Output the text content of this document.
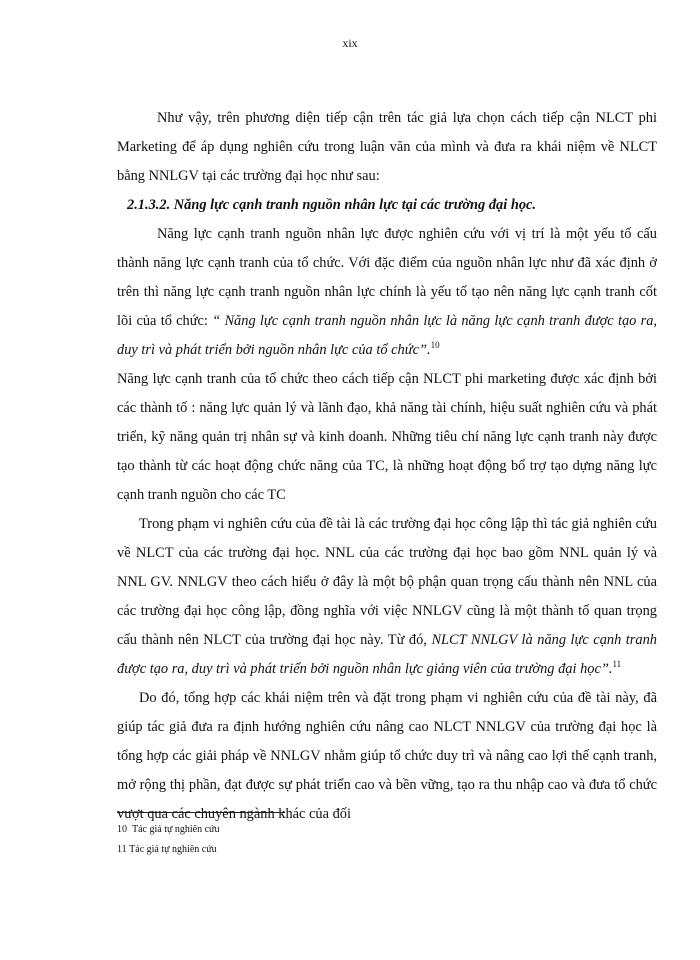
xix

Như vậy, trên phương diện tiếp cận trên tác giả lựa chọn cách tiếp cận NLCT phi Marketing để áp dụng nghiên cứu trong luận văn của mình và đưa ra khái niệm về NLCT bằng NNLGV tại các trường đại học như sau:

2.1.3.2. Năng lực cạnh tranh nguồn nhân lực tại các trường đại học.

Năng lực cạnh tranh nguồn nhân lực được nghiên cứu với vị trí là một yếu tố cấu thành năng lực cạnh tranh của tổ chức. Với đặc điểm của nguồn nhân lực như đã xác định ở trên thì năng lực cạnh tranh nguồn nhân lực chính là yếu tố tạo nên năng lực cạnh tranh cốt lõi của tổ chức: “ Năng lực cạnh tranh nguồn nhân lực là năng lực cạnh tranh được tạo ra, duy trì và phát triển bởi nguồn nhân lực của tổ chức”.$^{10}$

Năng lực cạnh tranh của tổ chức theo cách tiếp cận NLCT phi marketing được xác định bởi các thành tố : năng lực quản lý và lãnh đạo, khả năng tài chính, hiệu suất nghiên cứu và phát triển, kỹ năng quản trị nhân sự và kinh doanh. Những tiêu chí năng lực cạnh tranh này được tạo thành từ các hoạt động chức năng của TC, là những hoạt động bổ trợ tạo dựng năng lực cạnh tranh nguồn cho các TC

Trong phạm vi nghiên cứu của đề tài là các trường đại học công lập thì tác giả nghiên cứu về NLCT của các trường đại học. NNL của các trường đại học bao gồm NNL quản lý và NNL GV. NNLGV theo cách hiểu ở đây là một bộ phận quan trọng cấu thành nên NNL của các trường đại học công lập, đồng nghĩa với việc NNLGV cũng là một thành tố quan trọng cấu thành nên NLCT của trường đại học này. Từ đó, NLCT NNLGV là năng lực cạnh tranh được tạo ra, duy trì và phát triển bởi nguồn nhân lực giảng viên của trường đại học”.$^{11}$

Do đó, tổng hợp các khái niệm trên và đặt trong phạm vi nghiên cứu của đề tài này, đã giúp tác giả đưa ra định hướng nghiên cứu nâng cao NLCT NNLGV của trường đại học là tổng hợp các giải pháp về NNLGV nhằm giúp tổ chức duy trì và nâng cao lợi thế cạnh tranh, mở rộng thị phần, đạt được sự phát triển cao và bền vững, tạo ra thu nhập cao và đưa tổ chức vượt qua các chuyên ngành khác của đối

10 Tác giả tự nghiên cứu
11 Tác giả tự nghiên cứu
